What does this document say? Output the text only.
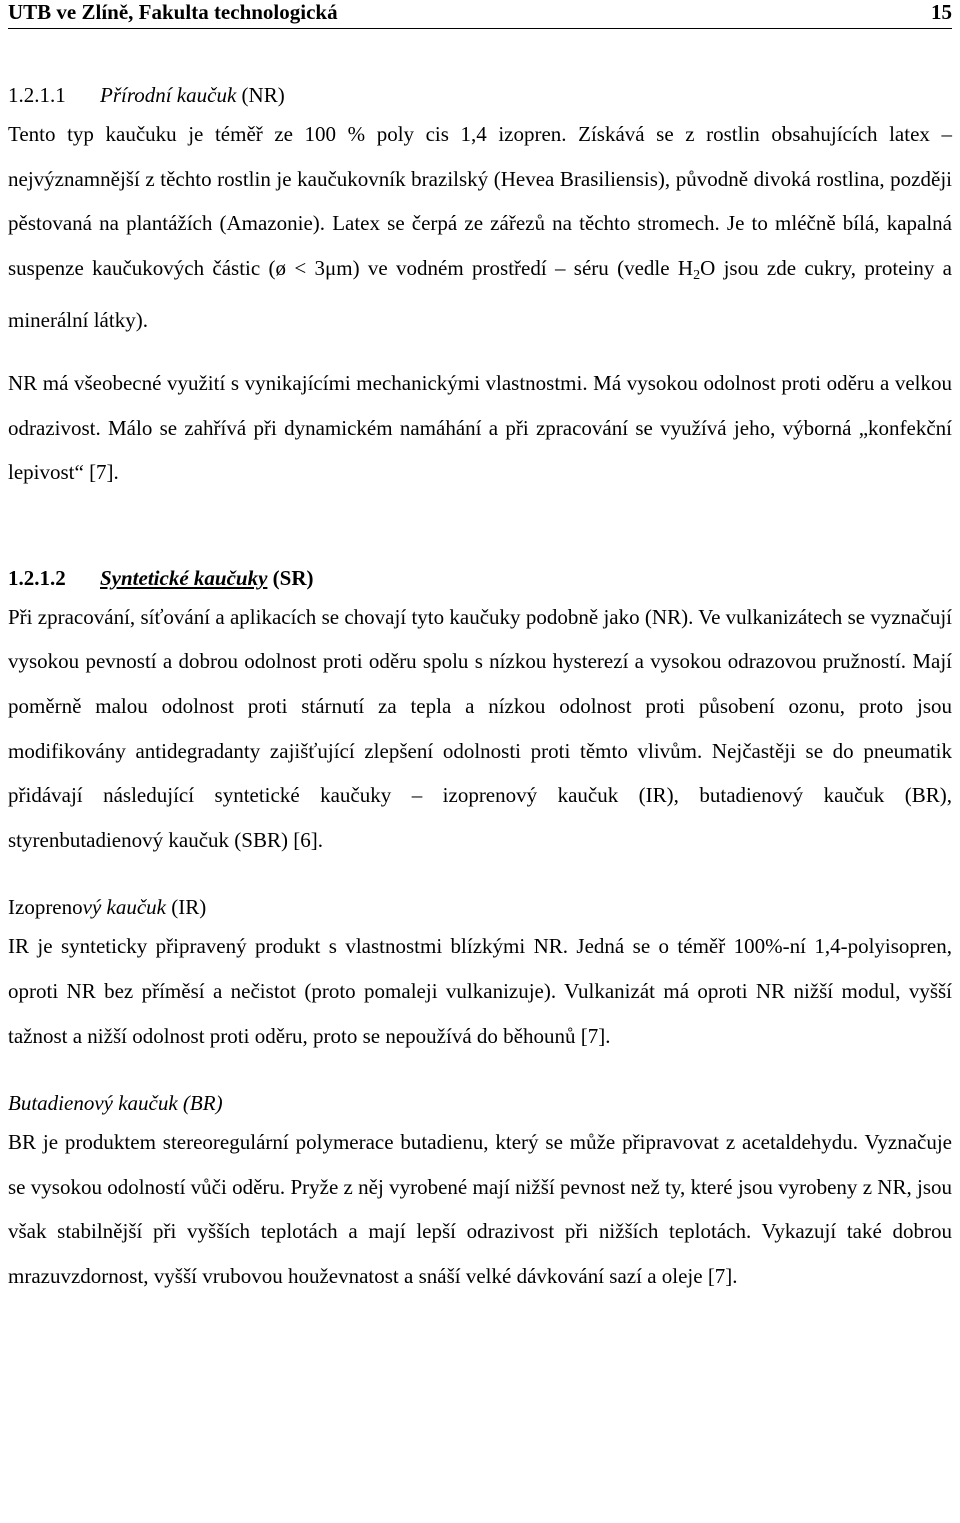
UTB ve Zlíně, Fakulta technologická	15
1.2.1.1 Přírodní kaučuk (NR)

Tento typ kaučuku je téměř ze 100 % poly cis 1,4 izopren. Získává se z rostlin obsahujících latex – nejvýznamnější z těchto rostlin je kaučukovník brazilský (Hevea Brasiliensis), původně divoká rostlina, později pěstovaná na plantážích (Amazonie). Latex se čerpá ze zářezů na těchto stromech. Je to mléčně bílá, kapalná suspenze kaučukových částic (ø < 3μm) ve vodném prostředí – séru (vedle $H_2O$ jsou zde cukry, proteiny a minerální látky).

NR má všeobecné využití s vynikajícími mechanickými vlastnostmi. Má vysokou odolnost proti oděru a velkou odrazivost. Málo se zahřívá při dynamickém namáhání a při zpracování se využívá jeho, výborná „konfekční lepivost“ [7].

1.2.1.2 Syntetické kaučuky (SR)

Při zpracování, síťování a aplikacích se chovají tyto kaučuky podobně jako (NR). Ve vulkanizátech se vyznačují vysokou pevností a dobrou odolnost proti oděru spolu s nízkou hysterezí a vysokou odrazovou pružností. Mají poměrně malou odolnost proti stárnutí za tepla a nízkou odolnost proti působení ozonu, proto jsou modifikovány antidegradanty zajišťující zlepšení odolnosti proti těmto vlivům. Nejčastěji se do pneumatik přidávají následující syntetické kaučuky – izoprenový kaučuk (IR), butadienový kaučuk (BR), styrenbutadienový kaučuk (SBR) [6].

Izoprenový kaučuk (IR)

IR je synteticky připravený produkt s vlastnostmi blízkými NR. Jedná se o téměř 100%-ní 1,4-polyisopren, oproti NR bez příměsí a nečistot (proto pomaleji vulkanizuje). Vulkanizát má oproti NR nižší modul, vyšší tažnost a nižší odolnost proti oděru, proto se nepoužívá do běhounů [7].

Butadienový kaučuk (BR)

BR je produktem stereoregulární polymerace butadienu, který se může připravovat z acetaldehydu. Vyznačuje se vysokou odolností vůči oděru. Pryže z něj vyrobené mají nižší pevnost než ty, které jsou vyrobeny z NR, jsou však stabilnější při vyšších teplotách a mají lepší odrazivost při nižších teplotách. Vykazují také dobrou mrazuvzdornost, vyšší vrubovou houževnatost a snáší velké dávkování sazí a oleje [7].
